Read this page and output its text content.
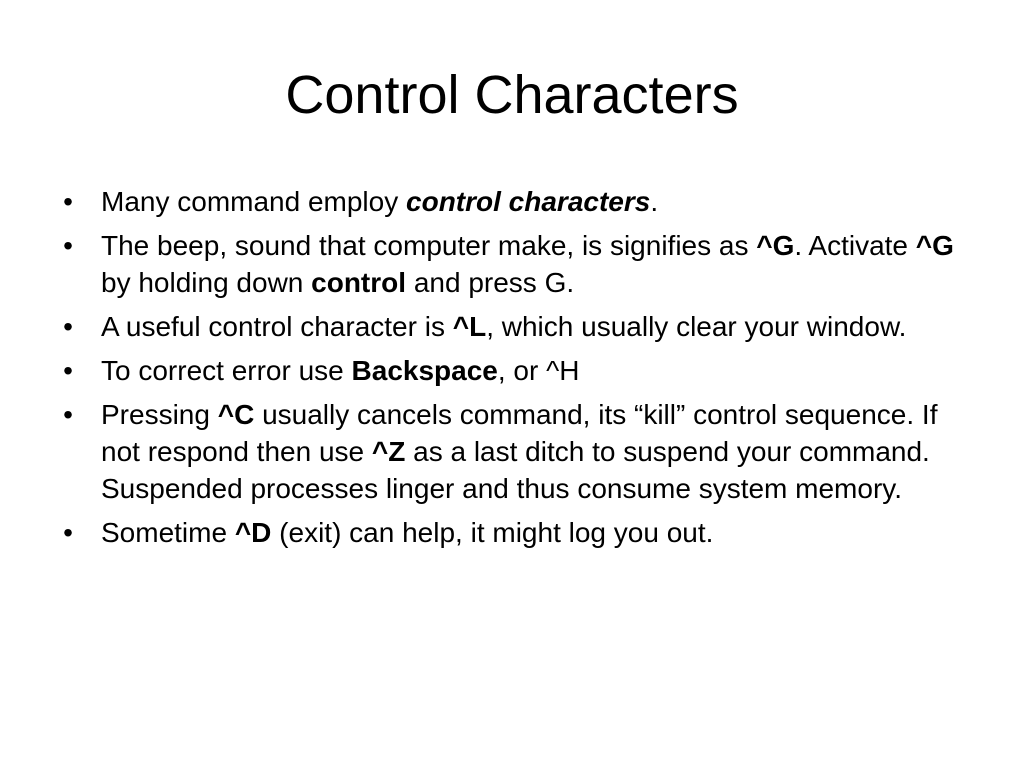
Control Characters
• Many command employ control characters.
• The beep, sound that computer make, is signifies as ^G. Activate ^G by holding down control and press G.
• A useful control character is ^L, which usually clear your window.
• To correct error use Backspace, or ^H
• Pressing ^C usually cancels command, its “kill” control sequence. If not respond then use ^Z as a last ditch to suspend your command. Suspended processes linger and thus consume system memory.
• Sometime ^D (exit) can help, it might log you out.
